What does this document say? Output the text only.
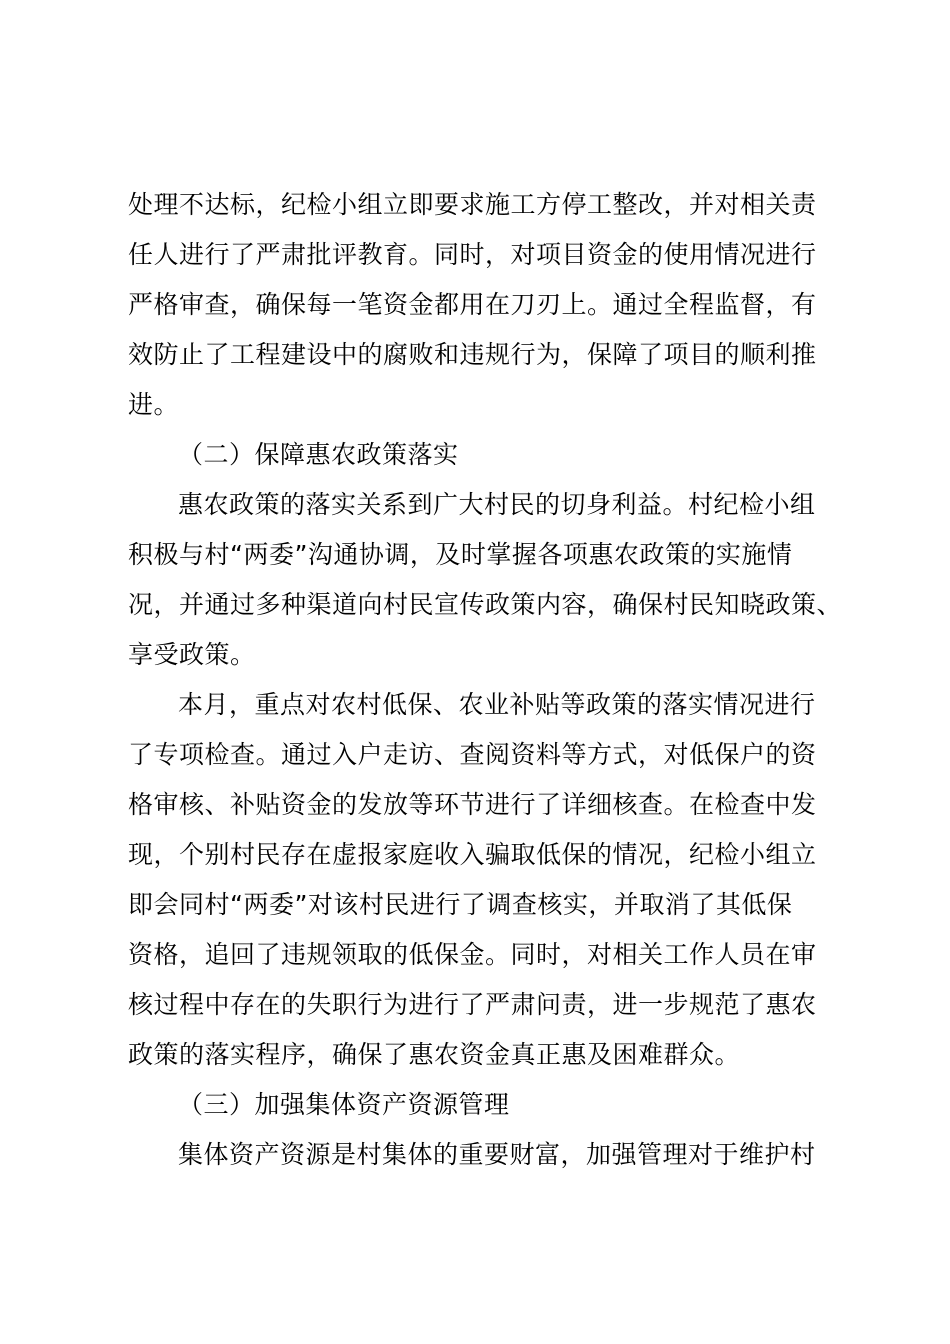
处理不达标，纪检小组立即要求施工方停工整改，并对相关责
任人进行了严肃批评教育。同时，对项目资金的使用情况进行
严格审查，确保每一笔资金都用在刀刃上。通过全程监督，有
效防止了工程建设中的腐败和违规行为，保障了项目的顺利推
进。
（二）保障惠农政策落实
惠农政策的落实关系到广大村民的切身利益。村纪检小组
积极与村“两委”沟通协调，及时掌握各项惠农政策的实施情
况，并通过多种渠道向村民宣传政策内容，确保村民知晓政策、
享受政策。
本月，重点对农村低保、农业补贴等政策的落实情况进行
了专项检查。通过入户走访、查阅资料等方式，对低保户的资
格审核、补贴资金的发放等环节进行了详细核查。在检查中发
现，个别村民存在虚报家庭收入骗取低保的情况，纪检小组立
即会同村“两委”对该村民进行了调查核实，并取消了其低保
资格，追回了违规领取的低保金。同时，对相关工作人员在审
核过程中存在的失职行为进行了严肃问责，进一步规范了惠农
政策的落实程序，确保了惠农资金真正惠及困难群众。
（三）加强集体资产资源管理
集体资产资源是村集体的重要财富，加强管理对于维护村
